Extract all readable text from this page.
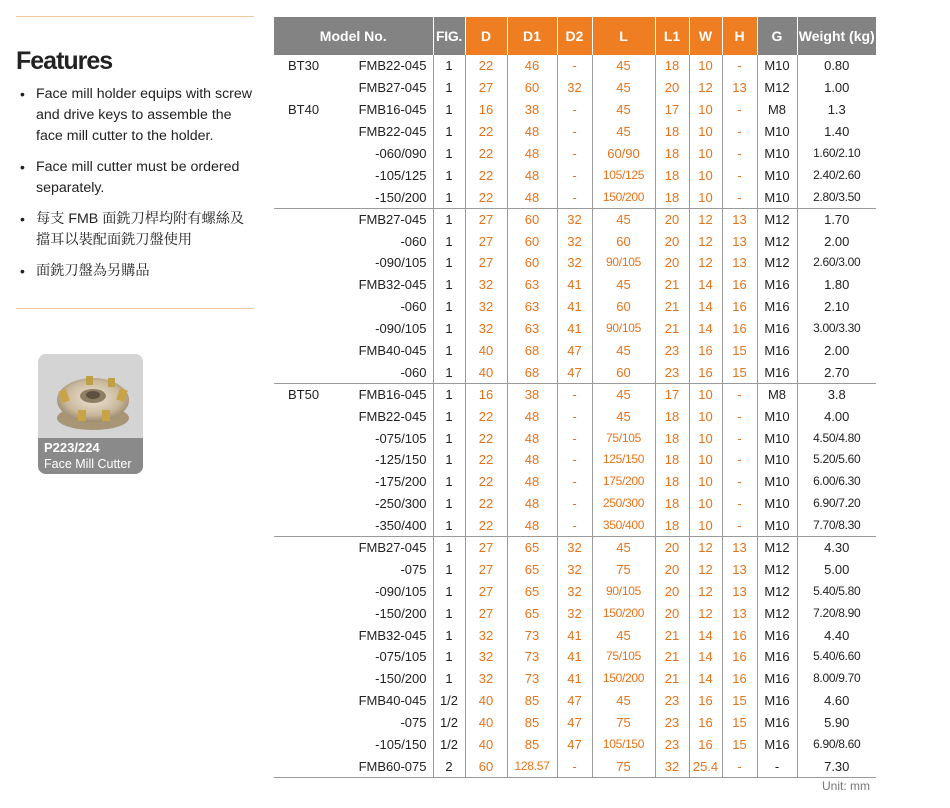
Features
• Face mill holder equips with screw and drive keys to assemble the face mill cutter to the holder.
• Face mill cutter must be ordered separately.
• 每支 FMB 面銑刀桿均附有螺絲及擋耳以裝配面銑刀盤使用
• 面銑刀盤為另購品
P223/224
Face Mill Cutter
Model No.	FIG.	D	D1	D2	L	L1	W	H	G	Weight (kg)

BT30 FMB22-045	1	22	46	-	45	18	10	-	M10	0.80
FMB27-045	1	27	60	32	45	20	12	13	M12	1.00

BT40 FMB16-045	1	16	38	-	45	17	10	-	M8	1.3
FMB22-045	1	22	48	-	45	18	10	-	M10	1.40
-060/090	1	22	48	-	60/90	18	10	-	M10	1.60/2.10
-105/125	1	22	48	-	105/125	18	10	-	M10	2.40/2.60
-150/200	1	22	48	-	150/200	18	10	-	M10	2.80/3.50
FMB27-045	1	27	60	32	45	20	12	13	M12	1.70
-060	1	27	60	32	60	20	12	13	M12	2.00
-090/105	1	27	60	32	90/105	20	12	13	M12	2.60/3.00
FMB32-045	1	32	63	41	45	21	14	16	M16	1.80
-060	1	32	63	41	60	21	14	16	M16	2.10
-090/105	1	32	63	41	90/105	21	14	16	M16	3.00/3.30
FMB40-045	1	40	68	47	45	23	16	15	M16	2.00
-060	1	40	68	47	60	23	16	15	M16	2.70

BT50 FMB16-045	1	16	38	-	45	17	10	-	M8	3.8
FMB22-045	1	22	48	-	45	18	10	-	M10	4.00
-075/105	1	22	48	-	75/105	18	10	-	M10	4.50/4.80
-125/150	1	22	48	-	125/150	18	10	-	M10	5.20/5.60
-175/200	1	22	48	-	175/200	18	10	-	M10	6.00/6.30
-250/300	1	22	48	-	250/300	18	10	-	M10	6.90/7.20
-350/400	1	22	48	-	350/400	18	10	-	M10	7.70/8.30
FMB27-045	1	27	65	32	45	20	12	13	M12	4.30
-075	1	27	65	32	75	20	12	13	M12	5.00
-090/105	1	27	65	32	90/105	20	12	13	M12	5.40/5.80
-150/200	1	27	65	32	150/200	20	12	13	M12	7.20/8.90
FMB32-045	1	32	73	41	45	21	14	16	M16	4.40
-075/105	1	32	73	41	75/105	21	14	16	M16	5.40/6.60
-150/200	1	32	73	41	150/200	21	14	16	M16	8.00/9.70
FMB40-045	1/2	40	85	47	45	23	16	15	M16	4.60
-075	1/2	40	85	47	75	23	16	15	M16	5.90
-105/150	1/2	40	85	47	105/150	23	16	15	M16	6.90/8.60
FMB60-075	2	60	128.57	-	75	32	25.4	-	-	7.30
Unit: mm
